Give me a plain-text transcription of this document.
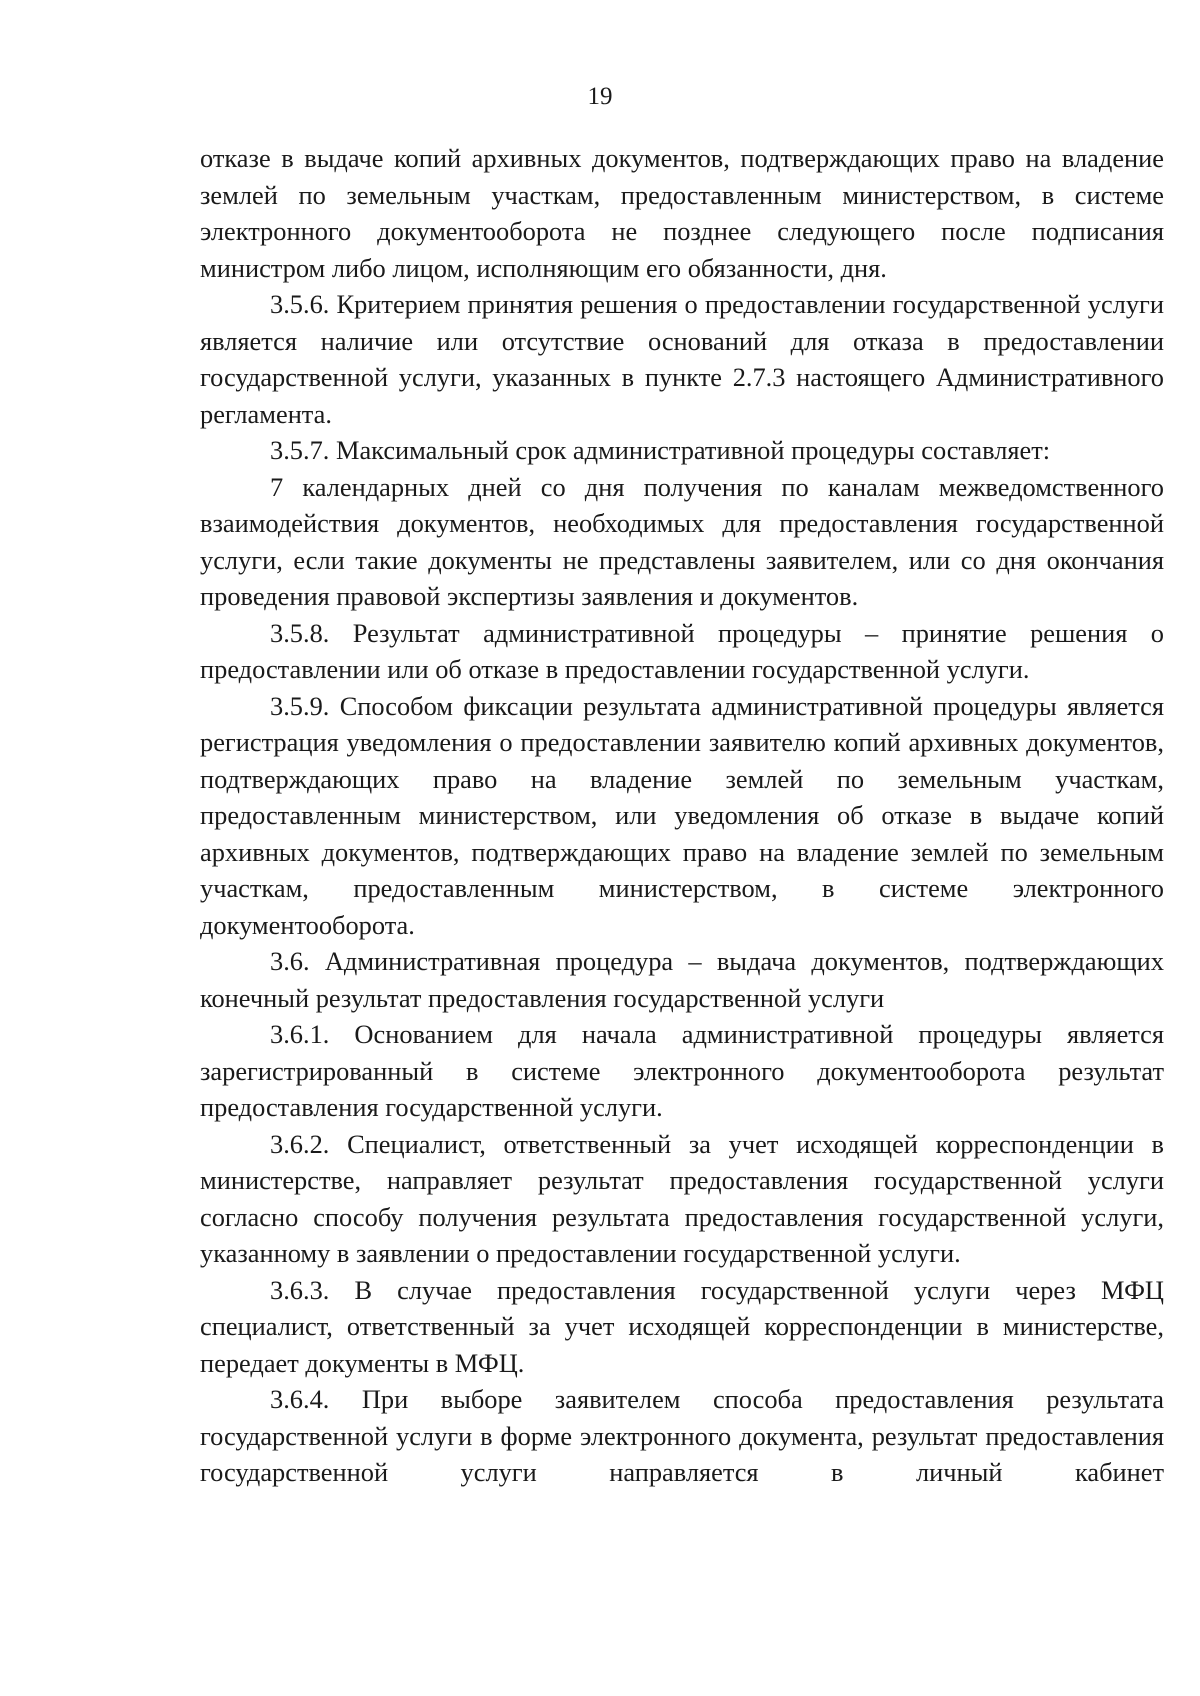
19

отказе в выдаче копий архивных документов, подтверждающих право на владение землей по земельным участкам, предоставленным министерством, в системе электронного документооборота не позднее следующего после подписания министром либо лицом, исполняющим его обязанности, дня.

3.5.6. Критерием принятия решения о предоставлении государственной услуги является наличие или отсутствие оснований для отказа в предоставлении государственной услуги, указанных в пункте 2.7.3 настоящего Административного регламента.

3.5.7. Максимальный срок административной процедуры составляет:

7 календарных дней со дня получения по каналам межведомственного взаимодействия документов, необходимых для предоставления государственной услуги, если такие документы не представлены заявителем, или со дня окончания проведения правовой экспертизы заявления и документов.

3.5.8. Результат административной процедуры – принятие решения о предоставлении или об отказе в предоставлении государственной услуги.

3.5.9. Способом фиксации результата административной процедуры является регистрация уведомления о предоставлении заявителю копий архивных документов, подтверждающих право на владение землей по земельным участкам, предоставленным министерством, или уведомления об отказе в выдаче копий архивных документов, подтверждающих право на владение землей по земельным участкам, предоставленным министерством, в системе электронного документооборота.

3.6. Административная процедура – выдача документов, подтверждающих конечный результат предоставления государственной услуги

3.6.1. Основанием для начала административной процедуры является зарегистрированный в системе электронного документооборота результат предоставления государственной услуги.

3.6.2. Специалист, ответственный за учет исходящей корреспонденции в министерстве, направляет результат предоставления государственной услуги согласно способу получения результата предоставления государственной услуги, указанному в заявлении о предоставлении государственной услуги.

3.6.3. В случае предоставления государственной услуги через МФЦ специалист, ответственный за учет исходящей корреспонденции в министерстве, передает документы в МФЦ.

3.6.4. При выборе заявителем способа предоставления результата государственной услуги в форме электронного документа, результат предоставления государственной услуги направляется в личный кабинет
